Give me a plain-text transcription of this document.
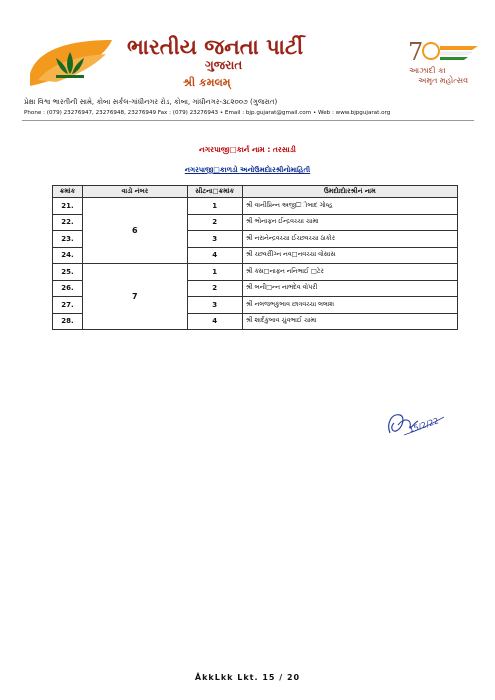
ભારતીય જનતા પાર્ટી
ગુજરાત
શ્રી કમલમ્
7
આઝાદી કા
અમૃત મહોત્સવ
પ્રેક્ષા વિશ્વ ભારતીની સામે, કોબા સર્કલ-ગાંધીનગર રોડ, કોબા, ગાંધીનગર-૩૮૨૦૦૭ (ગુજરાત)
Phone : (079) 23276947, 23276948, 23276949 Fax : (079) 23276943 • Email : bjp.gujarat@gmail.com • Web : www.bjpgujarat.org
નગરપાજી□કાર્ન નામ : તરસાડી
નગરપાજી□કાળડો અનોઉમદોારશ્રીનોમાહિતી
ક્રમાંક	વાડો નંબર	સીટના□ક્રમાંક	ઉમદોાદોારશ્રીનં નામ
21.	6	1	શ્રી વાનીપ્રિન્ન અજી□ોબાદ ગોવ્હ
22.		2	શ્રી ભોનાફ્ન ઈન્દ્રવચ્ચા ચામા
23.		3	શ્રી નરાનેન્દ્રવચ્ચા ઈચ્છવચ્ચા ઠાકોર
24.		4	શ્રી ચ્છવરોીગ્ન નવ□નવચ્ચા વોસાસ
25.	7	1	શ્રી ક્સ□નાફ્ન નનિભાઈ □ટેર
26.		2	શ્રી બની□ન્ન નાભંદેવ વોપરી
27.		3	શ્રી નલજભકુબાવ છાત્રવચ્ચા લલાશ
28.		4	શ્રી શાર્દકુબાવ ચુંવભાઈ ચામા
15/2/22
ÅkkLkk Lkt. 15 / 20
